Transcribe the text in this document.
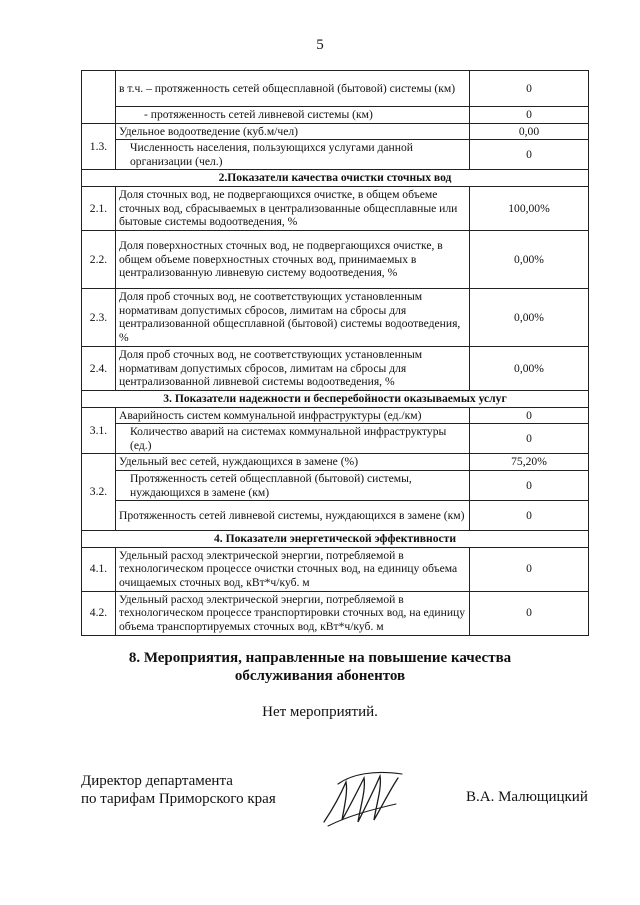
5
	в т.ч. – протяженность сетей общесплавной (бытовой) системы (км)	0
	- протяженность сетей ливневой системы (км)	0
1.3.	Удельное водоотведение (куб.м/чел)	0,00
	Численность населения, пользующихся услугами данной организации (чел.)	0
2.Показатели качества очистки сточных вод		
2.1.	Доля сточных вод, не подвергающихся очистке, в общем объеме сточных вод, сбрасываемых в централизованные общесплавные или бытовые системы водоотведения, %	100,00%
2.2.	Доля поверхностных сточных вод, не подвергающихся очистке, в общем объеме поверхностных сточных вод, принимаемых в централизованную ливневую систему водоотведения, %	0,00%
2.3.	Доля проб сточных вод, не соответствующих установленным нормативам допустимых сбросов, лимитам на сбросы для централизованной общесплавной (бытовой) системы водоотведения, %	0,00%
2.4.	Доля проб сточных вод, не соответствующих установленным нормативам допустимых сбросов, лимитам на сбросы для централизованной ливневой системы водоотведения, %	0,00%
3. Показатели надежности и бесперебойности оказываемых услуг		
3.1.	Аварийность систем коммунальной инфраструктуры (ед./км)	0
	Количество аварий на системах коммунальной инфраструктуры (ед.)	0
3.2.	Удельный вес сетей, нуждающихся в замене (%)	75,20%
	Протяженность сетей общесплавной (бытовой) системы, нуждающихся в замене (км)	0
	Протяженность сетей ливневой системы, нуждающихся в замене (км)	0
4. Показатели энергетической эффективности		
4.1.	Удельный расход электрической энергии, потребляемой в технологическом процессе очистки сточных вод, на единицу объема очищаемых сточных вод, кВт*ч/куб. м	0
4.2.	Удельный расход электрической энергии, потребляемой в технологическом процессе транспортировки сточных вод, на единицу объема транспортируемых сточных вод, кВт*ч/куб. м	0
8. Мероприятия, направленные на повышение качества
обслуживания абонентов
Нет мероприятий.
Директор департамента
по тарифам Приморского края	В.А. Малющицкий
